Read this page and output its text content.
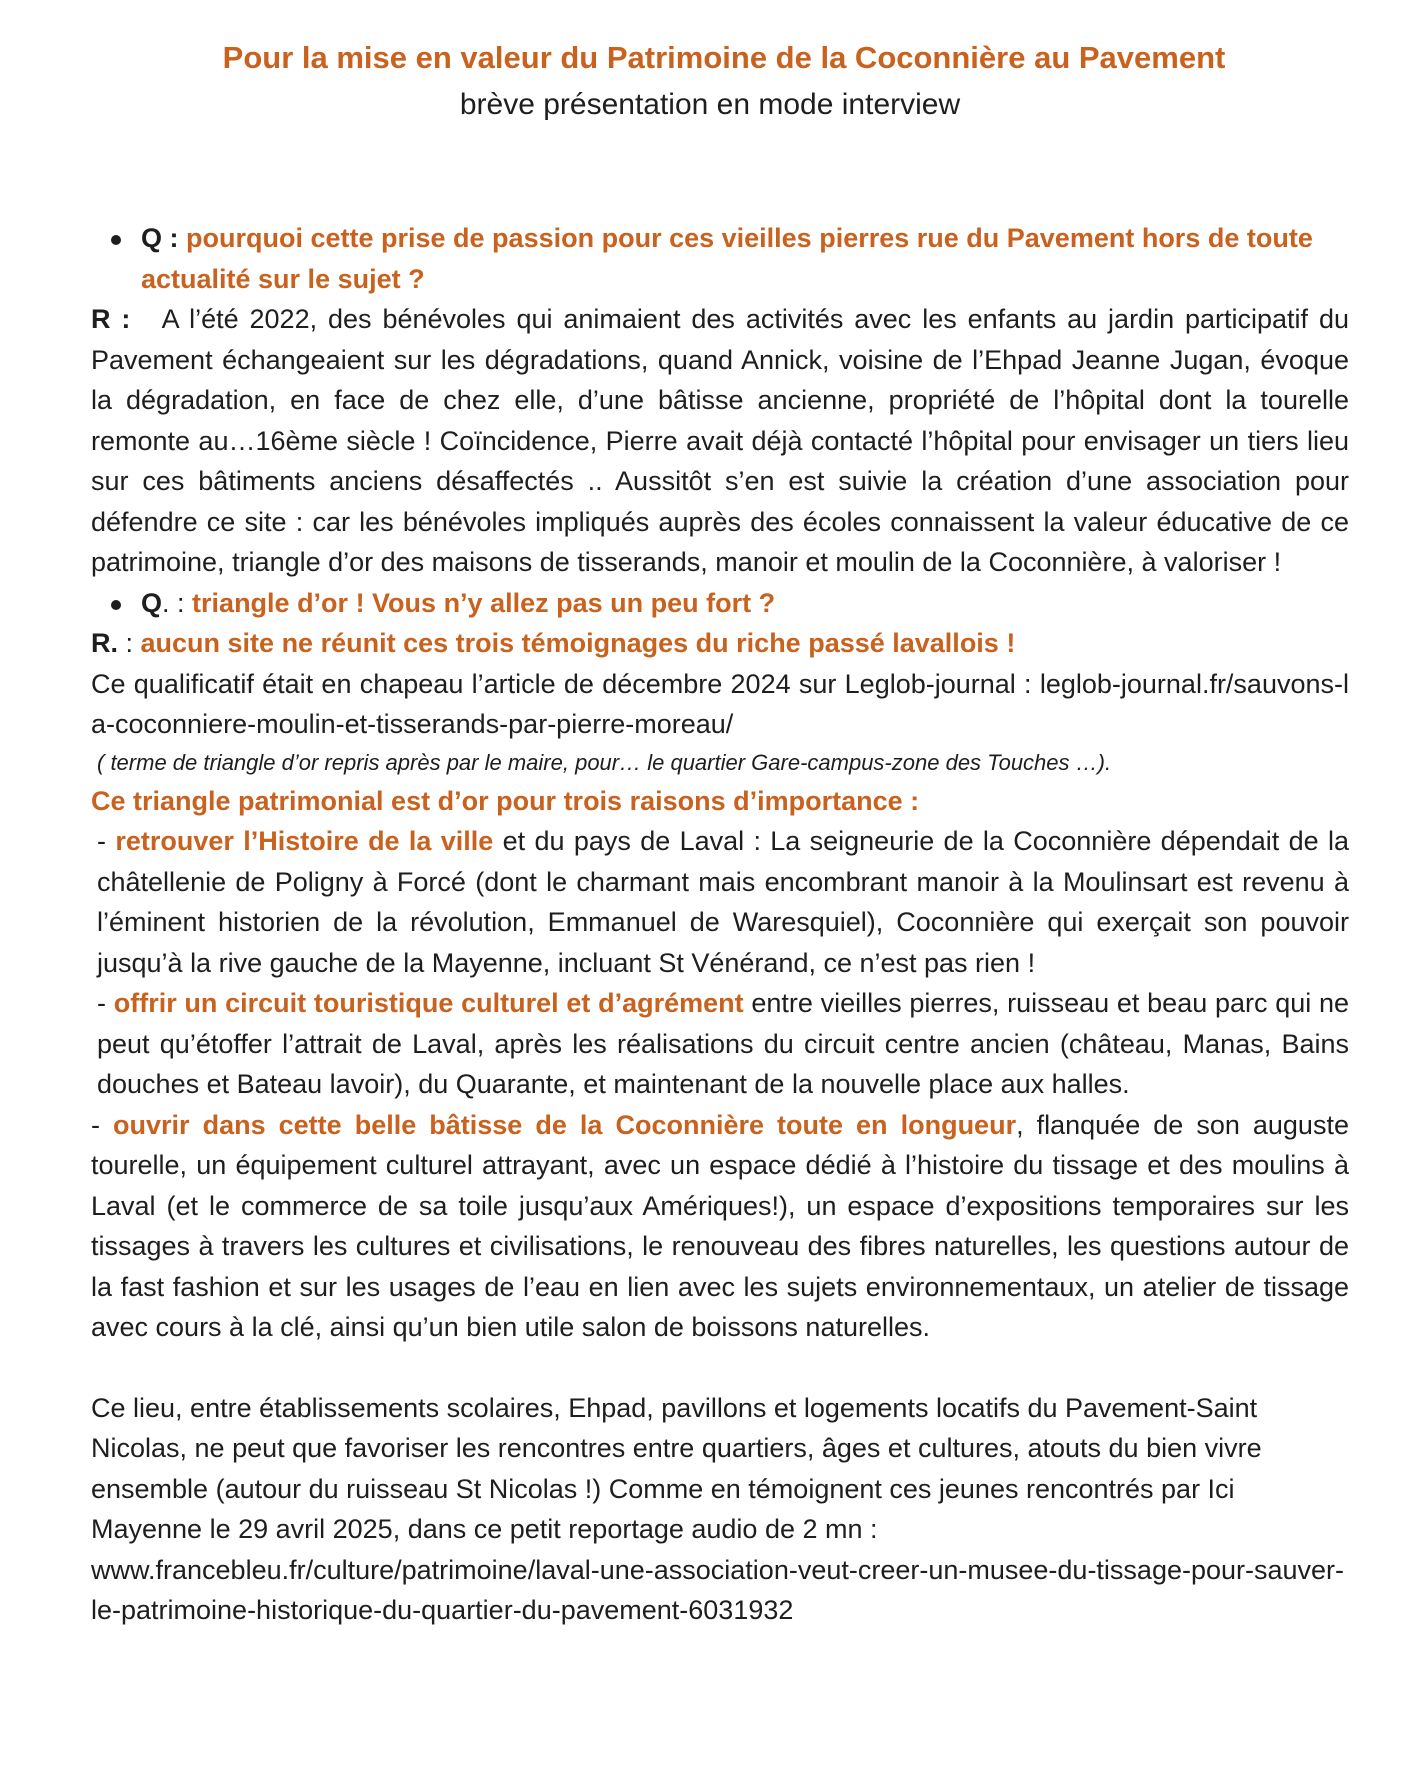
Pour la mise en valeur du Patrimoine de la Coconnière au Pavement
brève présentation en mode interview
Q : pourquoi cette prise de passion pour ces vieilles pierres rue du Pavement hors de toute actualité sur le sujet ?

R : A l’été 2022, des bénévoles qui animaient des activités avec les enfants au jardin participatif du Pavement échangeaient sur les dégradations, quand Annick, voisine de l’Ehpad Jeanne Jugan, évoque la dégradation, en face de chez elle, d’une bâtisse ancienne, propriété de l’hôpital dont la tourelle remonte au…16ème siècle ! Coïncidence, Pierre avait déjà contacté l’hôpital pour envisager un tiers lieu sur ces bâtiments anciens désaffectés .. Aussitôt s’en est suivie la création d’une association pour défendre ce site : car les bénévoles impliqués auprès des écoles connaissent la valeur éducative de ce patrimoine, triangle d’or des maisons de tisserands, manoir et moulin de la Coconnière, à valoriser !

Q. : triangle d’or ! Vous n’y allez pas un peu fort ?

R. : aucun site ne réunit ces trois témoignages du riche passé lavallois !

Ce qualificatif était en chapeau l’article de décembre 2024 sur Leglob-journal : leglob-journal.fr/sauvons-la-coconniere-moulin-et-tisserands-par-pierre-moreau/

( terme de triangle d’or repris après par le maire, pour… le quartier Gare-campus-zone des Touches …).

Ce triangle patrimonial est d’or pour trois raisons d’importance :

- retrouver l’Histoire de la ville et du pays de Laval : La seigneurie de la Coconnière dépendait de la châtellenie de Poligny à Forcé (dont le charmant mais encombrant manoir à la Moulinsart est revenu à l’éminent historien de la révolution, Emmanuel de Waresquiel), Coconnière qui exerçait son pouvoir jusqu’à la rive gauche de la Mayenne, incluant St Vénérand, ce n’est pas rien !

- offrir un circuit touristique culturel et d’agrément entre vieilles pierres, ruisseau et beau parc qui ne peut qu’étoffer l’attrait de Laval, après les réalisations du circuit centre ancien (château, Manas, Bains douches et Bateau lavoir), du Quarante, et maintenant de la nouvelle place aux halles.

- ouvrir dans cette belle bâtisse de la Coconnière toute en longueur, flanquée de son auguste tourelle, un équipement culturel attrayant, avec un espace dédié à l’histoire du tissage et des moulins à Laval (et le commerce de sa toile jusqu’aux Amériques!), un espace d’expositions temporaires sur les tissages à travers les cultures et civilisations, le renouveau des fibres naturelles, les questions autour de la fast fashion et sur les usages de l’eau en lien avec les sujets environnementaux, un atelier de tissage avec cours à la clé, ainsi qu’un bien utile salon de boissons naturelles.

Ce lieu, entre établissements scolaires, Ehpad, pavillons et logements locatifs du Pavement-Saint Nicolas, ne peut que favoriser les rencontres entre quartiers, âges et cultures, atouts du bien vivre ensemble (autour du ruisseau St Nicolas !) Comme en témoignent ces jeunes rencontrés par Ici Mayenne le 29 avril 2025, dans ce petit reportage audio de 2 mn :

www.francebleu.fr/culture/patrimoine/laval-une-association-veut-creer-un-musee-du-tissage-pour-sauver-le-patrimoine-historique-du-quartier-du-pavement-6031932
